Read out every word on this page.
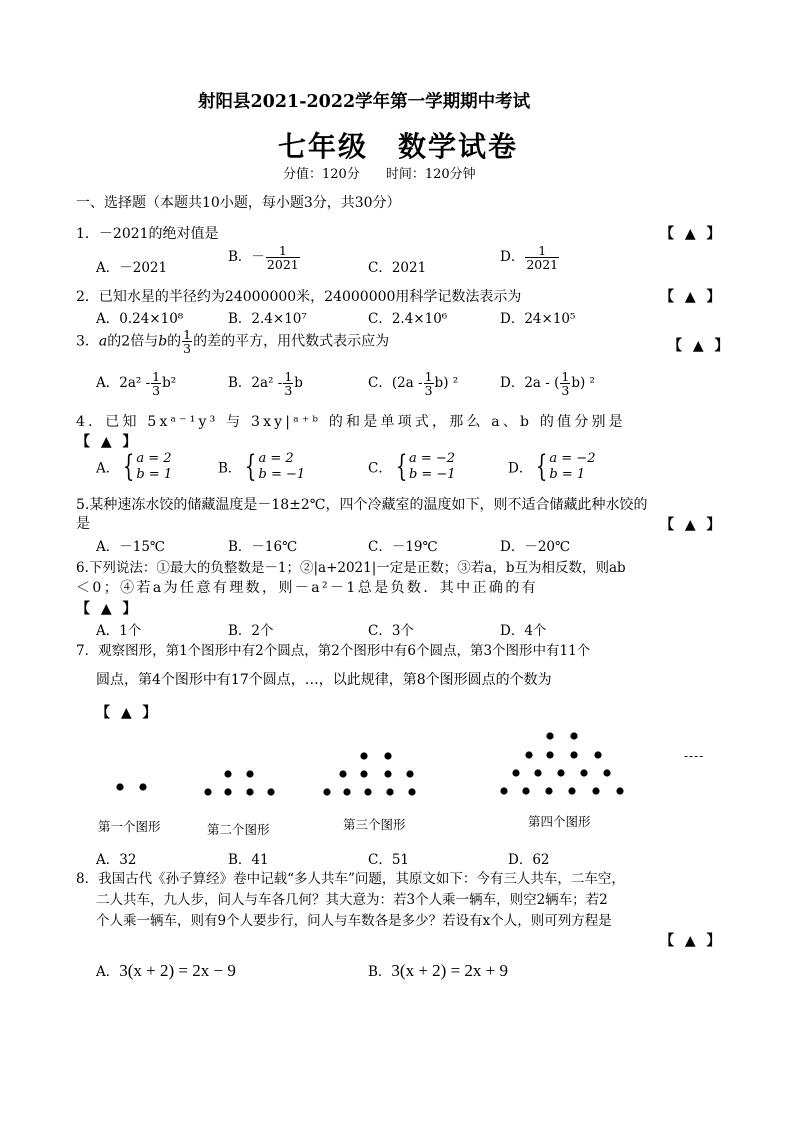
射阳县2021-2022学年第一学期期中考试
七年级　数学试卷
分值：120分　　时间：120分钟
一、选择题（本题共10小题，每小题3分，共30分）
1．－2021的绝对值是	【 ▲ 】
A．－2021
B．－ $\frac{1}{2021}$	C．2021
D． $\frac{1}{2021}$
2．已知水星的半径约为24000000米，24000000用科学记数法表示为	【 ▲ 】
A．0.24×10⁸	B．2.4×10⁷	C．2.4×10⁶	D．24×10⁵
3．a的2倍与b的 $\frac{1}{3}$ 的差的平方，用代数式表示应为	【 ▲ 】
A．$2a^2 - \frac{1}{3} b^2$	B．$2a^2 - \frac{1}{3}$ b	C．$(2a - \frac{1}{3} b)$ ²	D．2a - ( $\frac{1}{3} b$) ²
4．已知 5xᵃ⁻¹y³ 与 3xy|ᵃ⁺ᵇ 的和是单项式，那么 a、b 的值分别是
【 ▲ 】
A． { a = 2
b = 1	B． { a = 2
b = −1	C． { a = −2
b = −1	D． { a = −2
b = 1
5.某种速冻水饺的储藏温度是－18±2℃，四个冷藏室的温度如下，则不适合储藏此种水饺的
是	【 ▲ 】
A．－15℃	B．－16℃	C．－19℃	D．－20℃
6.下列说法：①最大的负整数是－1；②|a+2021|一定是正数；③若a，b互为相反数，则ab
＜0；④若a为任意有理数，则－a²－1总是负数．其中正确的有
【 ▲ 】
A．1个	B．2个	C．3个	D．4个
7．观察图形，第1个图形中有2个圆点，第2个图形中有6个圆点，第3个图形中有11个
圆点，第4个图形中有17个圆点，…，以此规律，第8个图形圆点的个数为
【 ▲ 】
----
第一个图形	第二个图形	第三个图形	第四个图形
A．32	B．41	C．51	D．62
8．我国古代《孙子算经》卷中记载“多人共车”问题，其原文如下：今有三人共车，二车空，
二人共车，九人步，问人与车各几何？其大意为：若3个人乘一辆车，则空2辆车；若2
个人乘一辆车，则有9个人要步行，问人与车数各是多少？若设有x个人，则可列方程是
【 ▲ 】
A．3(x + 2) = 2x − 9	B．3(x + 2) = 2x + 9
